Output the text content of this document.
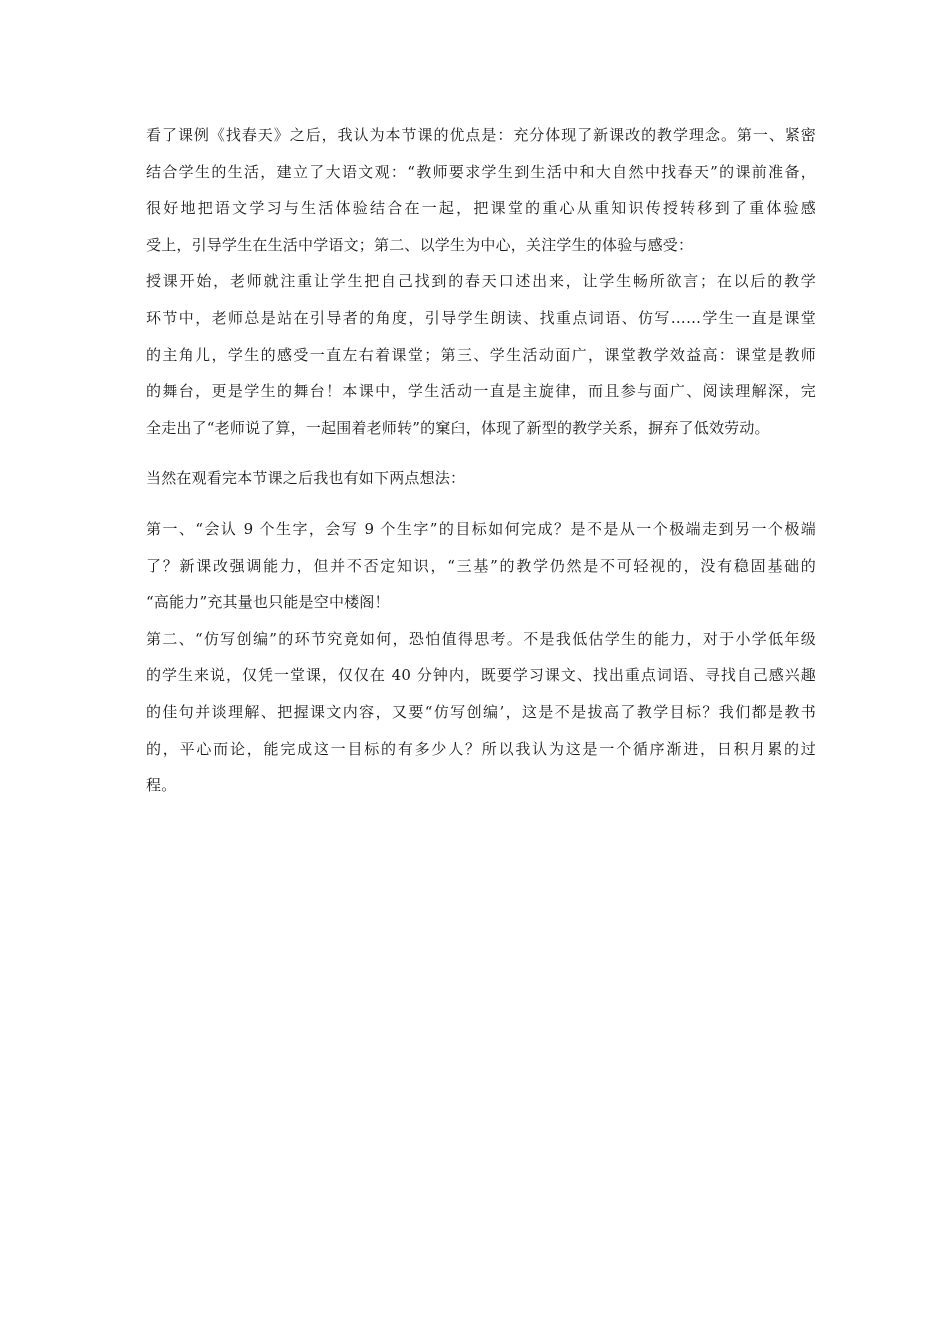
看了课例《找春天》之后，我认为本节课的优点是：充分体现了新课改的教学理念。第一、紧密
结合学生的生活，建立了大语文观：“教师要求学生到生活中和大自然中找春天”的课前准备，
很好地把语文学习与生活体验结合在一起，把课堂的重心从重知识传授转移到了重体验感
受上，引导学生在生活中学语文；第二、以学生为中心，关注学生的体验与感受：
授课开始，老师就注重让学生把自己找到的春天口述出来，让学生畅所欲言；在以后的教学
环节中，老师总是站在引导者的角度，引导学生朗读、找重点词语、仿写……学生一直是课堂
的主角儿，学生的感受一直左右着课堂；第三、学生活动面广，课堂教学效益高：课堂是教师
的舞台，更是学生的舞台！本课中，学生活动一直是主旋律，而且参与面广、阅读理解深，完
全走出了“老师说了算，一起围着老师转”的窠臼，体现了新型的教学关系，摒弃了低效劳动。
当然在观看完本节课之后我也有如下两点想法：
第一、“会认 9 个生字，会写 9 个生字”的目标如何完成？是不是从一个极端走到另一个极端
了？新课改强调能力，但并不否定知识，“三基”的教学仍然是不可轻视的，没有稳固基础的
“高能力”充其量也只能是空中楼阁！
第二、“仿写创编”的环节究竟如何，恐怕值得思考。不是我低估学生的能力，对于小学低年级
的学生来说，仅凭一堂课，仅仅在 40 分钟内，既要学习课文、找出重点词语、寻找自己感兴趣
的佳句并谈理解、把握课文内容，又要“仿写创编’，这是不是拔高了教学目标？我们都是教书
的，平心而论，能完成这一目标的有多少人？所以我认为这是一个循序渐进，日积月累的过
程。
